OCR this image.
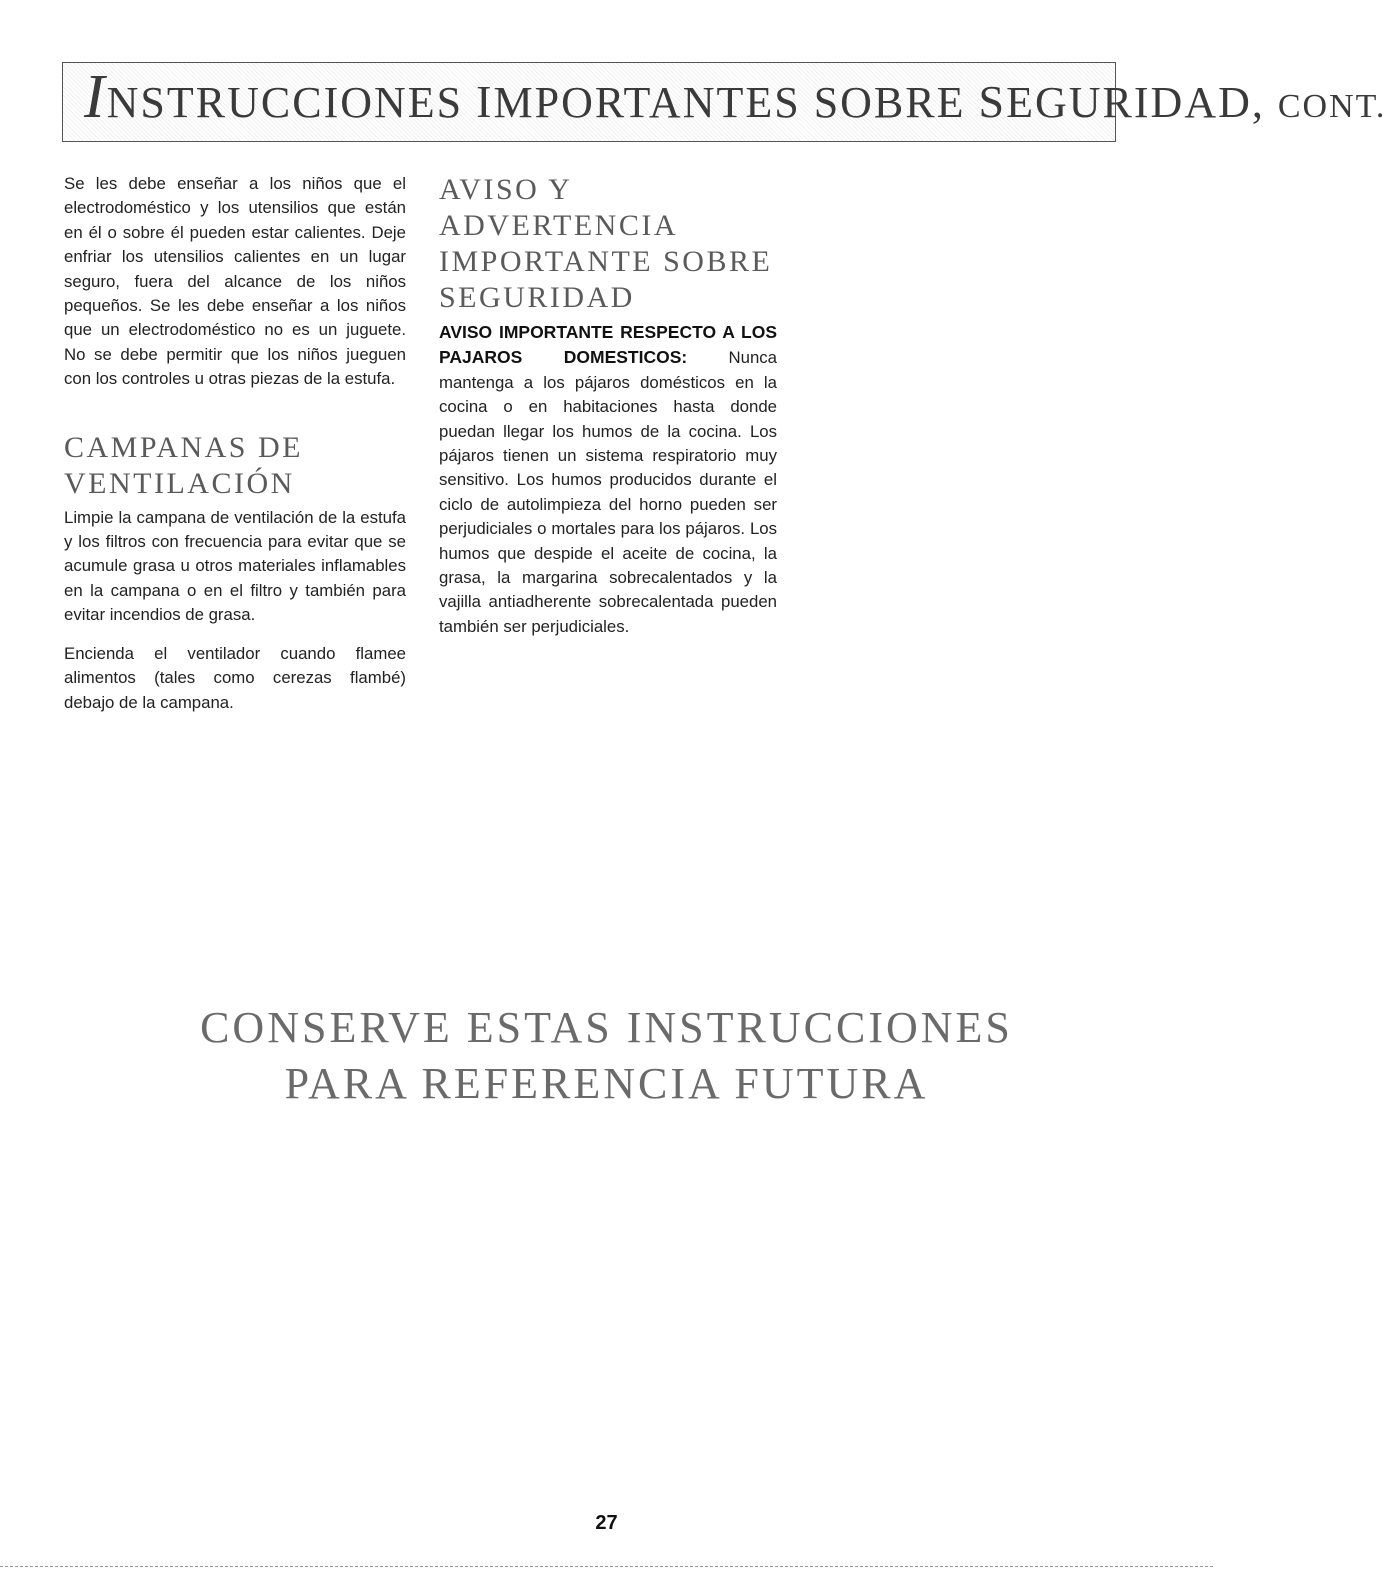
INSTRUCCIONES IMPORTANTES SOBRE SEGURIDAD, CONT.

Se les debe enseñar a los niños que el electrodoméstico y los utensilios que están en él o sobre él pueden estar calientes. Deje enfriar los utensilios calientes en un lugar seguro, fuera del alcance de los niños pequeños. Se les debe enseñar a los niños que un electrodoméstico no es un juguete. No se debe permitir que los niños jueguen con los controles u otras piezas de la estufa.

CAMPANAS DE
VENTILACIÓN

Limpie la campana de ventilación de la estufa y los filtros con frecuencia para evitar que se acumule grasa u otros materiales inflamables en la campana o en el filtro y también para evitar incendios de grasa.

Encienda el ventilador cuando flamee alimentos (tales como cerezas flambé) debajo de la campana.

AVISO Y ADVERTENCIA
IMPORTANTE SOBRE
SEGURIDAD

AVISO IMPORTANTE RESPECTO A LOS PAJAROS DOMESTICOS: Nunca mantenga a los pájaros domésticos en la cocina o en habitaciones hasta donde puedan llegar los humos de la cocina. Los pájaros tienen un sistema respiratorio muy sensitivo. Los humos producidos durante el ciclo de autolimpieza del horno pueden ser perjudiciales o mortales para los pájaros. Los humos que despide el aceite de cocina, la grasa, la margarina sobrecalentados y la vajilla antiadherente sobrecalentada pueden también ser perjudiciales.

CONSERVE ESTAS INSTRUCCIONES
PARA REFERENCIA FUTURA
27
